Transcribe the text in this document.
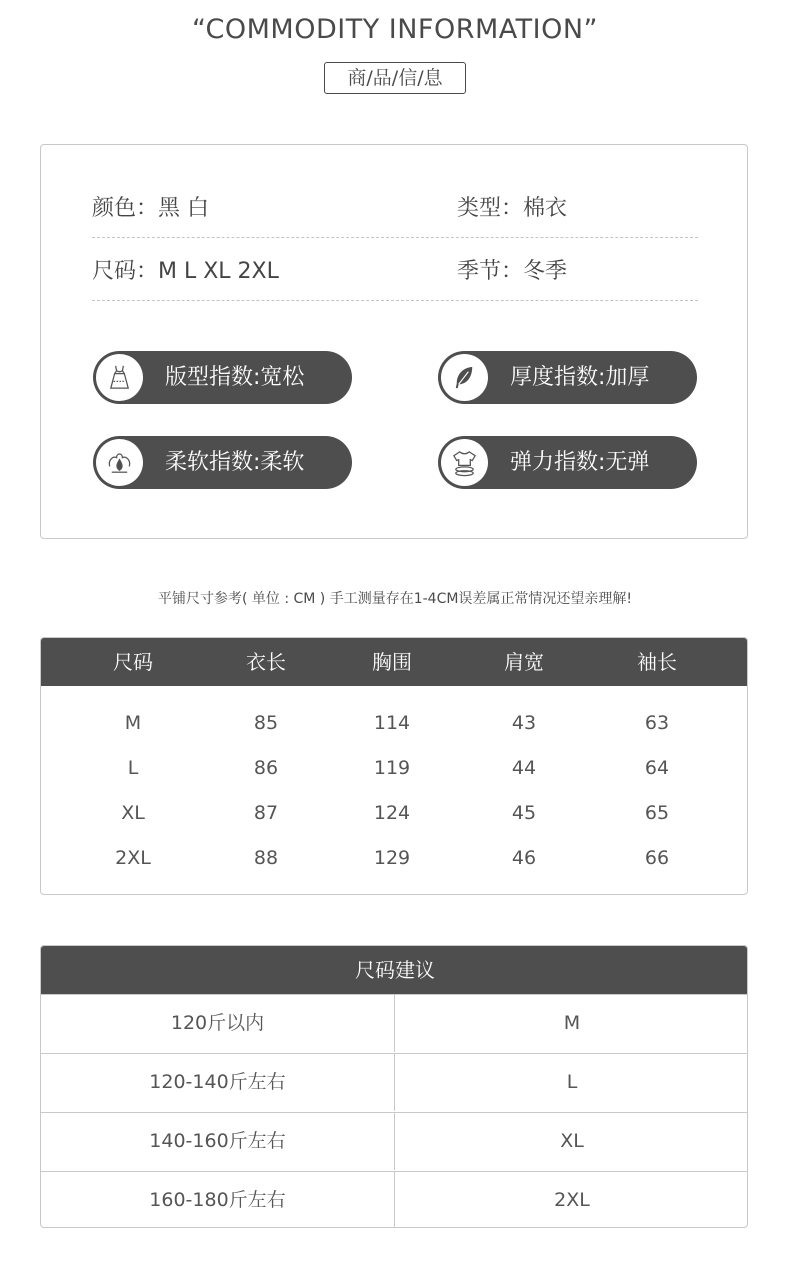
“COMMODITY INFORMATION”
商/品/信/息
颜色：黑 白	类型：棉衣
尺码：M L XL 2XL	季节：冬季
版型指数:宽松	厚度指数:加厚
柔软指数:柔软	弹力指数:无弹
平铺尺寸参考( 单位 : CM ) 手工测量存在1-4CM误差属正常情况还望亲理解!
尺码	衣长	胸围	肩宽	袖长
M	85	114	43	63
L	86	119	44	64
XL	87	124	45	65
2XL	88	129	46	66
尺码建议
120斤以内	M
120-140斤左右	L
140-160斤左右	XL
160-180斤左右	2XL
